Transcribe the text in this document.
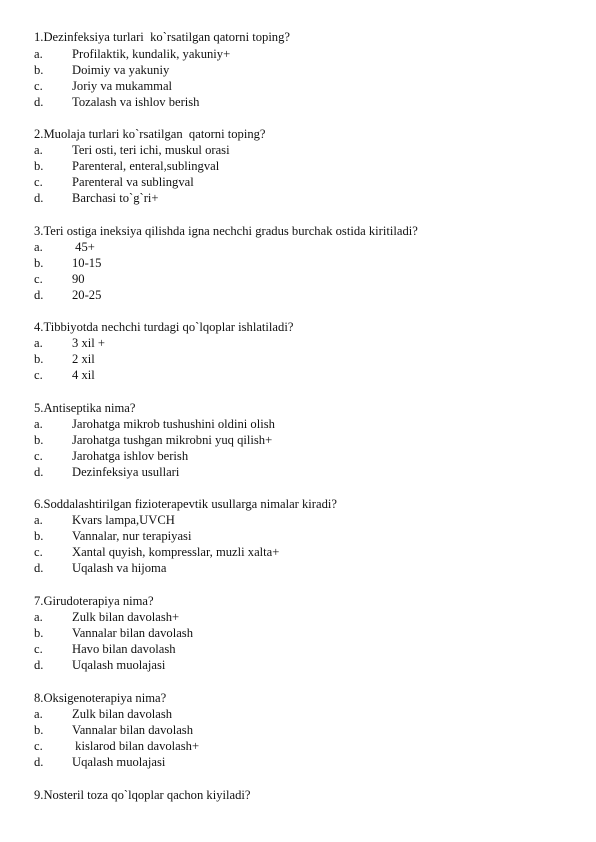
1.Dezinfeksiya turlari  ko`rsatilgan qatorni toping?
a. Profilaktik, kundalik, yakuniy+
b. Doimiy va yakuniy
c. Joriy va mukammal
d. Tozalash va ishlov berish
2.Muolaja turlari ko`rsatilgan  qatorni toping?
a. Teri osti, teri ichi, muskul orasi
b. Parenteral, enteral,sublingval
c. Parenteral va sublingval
d. Barchasi to`g`ri+
3.Teri ostiga ineksiya qilishda igna nechchi gradus burchak ostida kiritiladi?
a. 45+
b. 10-15
c. 90
d. 20-25
4.Tibbiyotda nechchi turdagi qo`lqoplar ishlatiladi?
a. 3 xil +
b. 2 xil
c. 4 xil
5.Antiseptika nima?
a. Jarohatga mikrob tushushini oldini olish
b. Jarohatga tushgan mikrobni yuq qilish+
c. Jarohatga ishlov berish
d. Dezinfeksiya usullari
6.Soddalashtirilgan fizioterapevtik usullarga nimalar kiradi?
a. Kvars lampa,UVCH
b. Vannalar, nur terapiyasi
c. Xantal quyish, kompresslar, muzli xalta+
d. Uqalash va hijoma
7.Girudoterapiya nima?
a. Zulk bilan davolash+
b. Vannalar bilan davolash
c. Havo bilan davolash
d. Uqalash muolajasi
8.Oksigenoterapiya nima?
a. Zulk bilan davolash
b. Vannalar bilan davolash
c. kislarod bilan davolash+
d. Uqalash muolajasi
9.Nosteril toza qo`lqoplar qachon kiyiladi?
